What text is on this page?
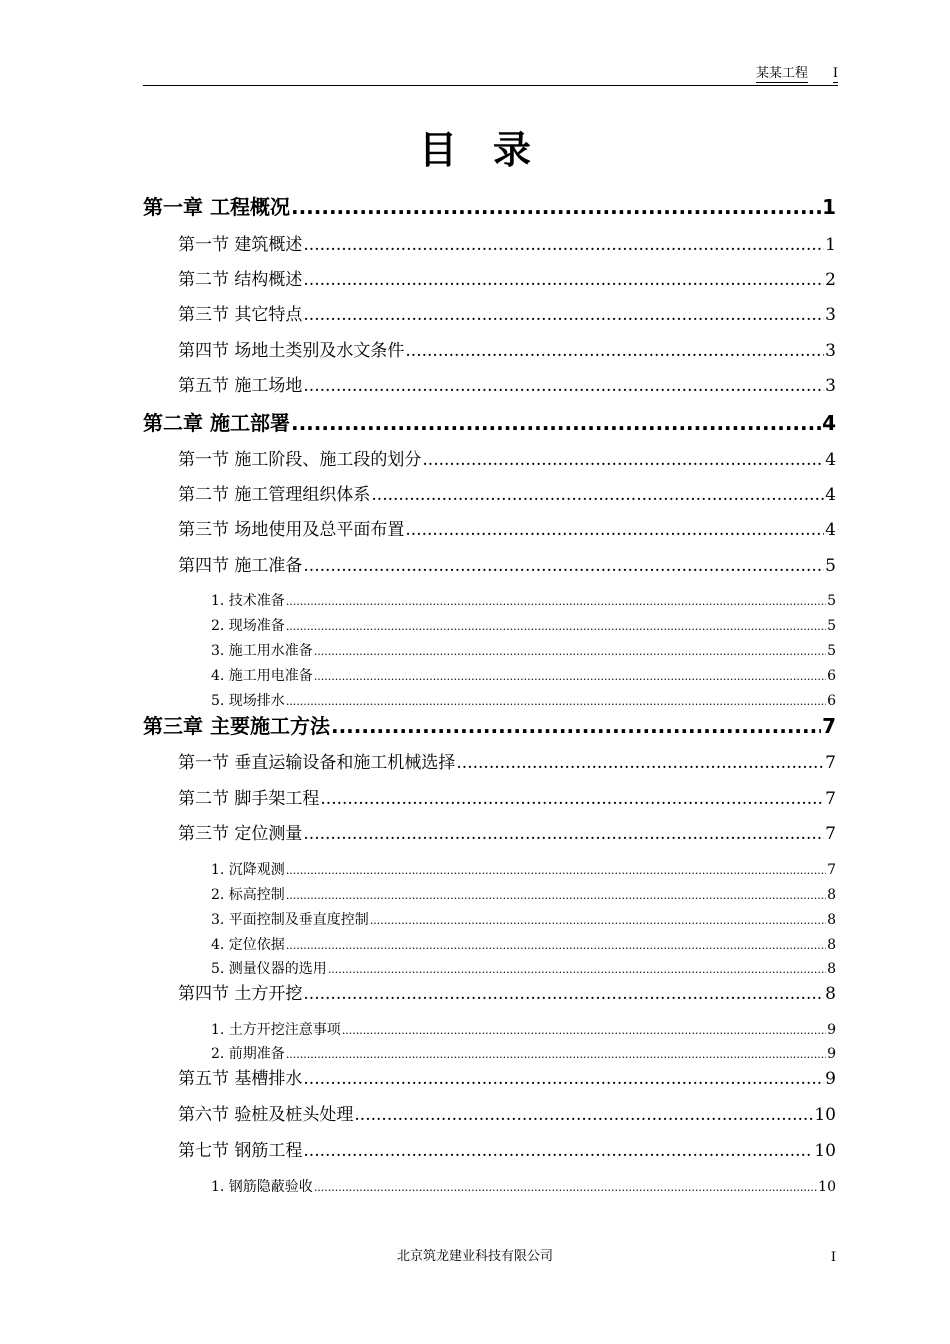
某某工程 I
目录
第一章 工程概况 .....	1
第一节 建筑概述 .....	1
第二节 结构概述 .....	2
第三节 其它特点 .....	3
第四节 场地土类别及水文条件 .....	3
第五节 施工场地 .....	3
第二章 施工部署 .....	4
第一节 施工阶段、施工段的划分 .....	4
第二节 施工管理组织体系 .....	4
第三节 场地使用及总平面布置 .....	4
第四节 施工准备 .....	5
1. 技术准备 .....	5
2. 现场准备 .....	5
3. 施工用水准备 .....	5
4. 施工用电准备 .....	6
5. 现场排水 .....	6
第三章 主要施工方法 .....	7
第一节 垂直运输设备和施工机械选择 .....	7
第二节 脚手架工程 .....	7
第三节 定位测量 .....	7
1. 沉降观测 .....	7
2. 标高控制 .....	8
3. 平面控制及垂直度控制 .....	8
4. 定位依据 .....	8
5. 测量仪器的选用 .....	8
第四节 土方开挖 .....	8
1. 土方开挖注意事项 .....	9
2. 前期准备 .....	9
第五节 基槽排水 .....	9
第六节 验桩及桩头处理 .....	10
第七节 钢筋工程 .....	10
1. 钢筋隐蔽验收 .....	10
北京筑龙建业科技有限公司	I
